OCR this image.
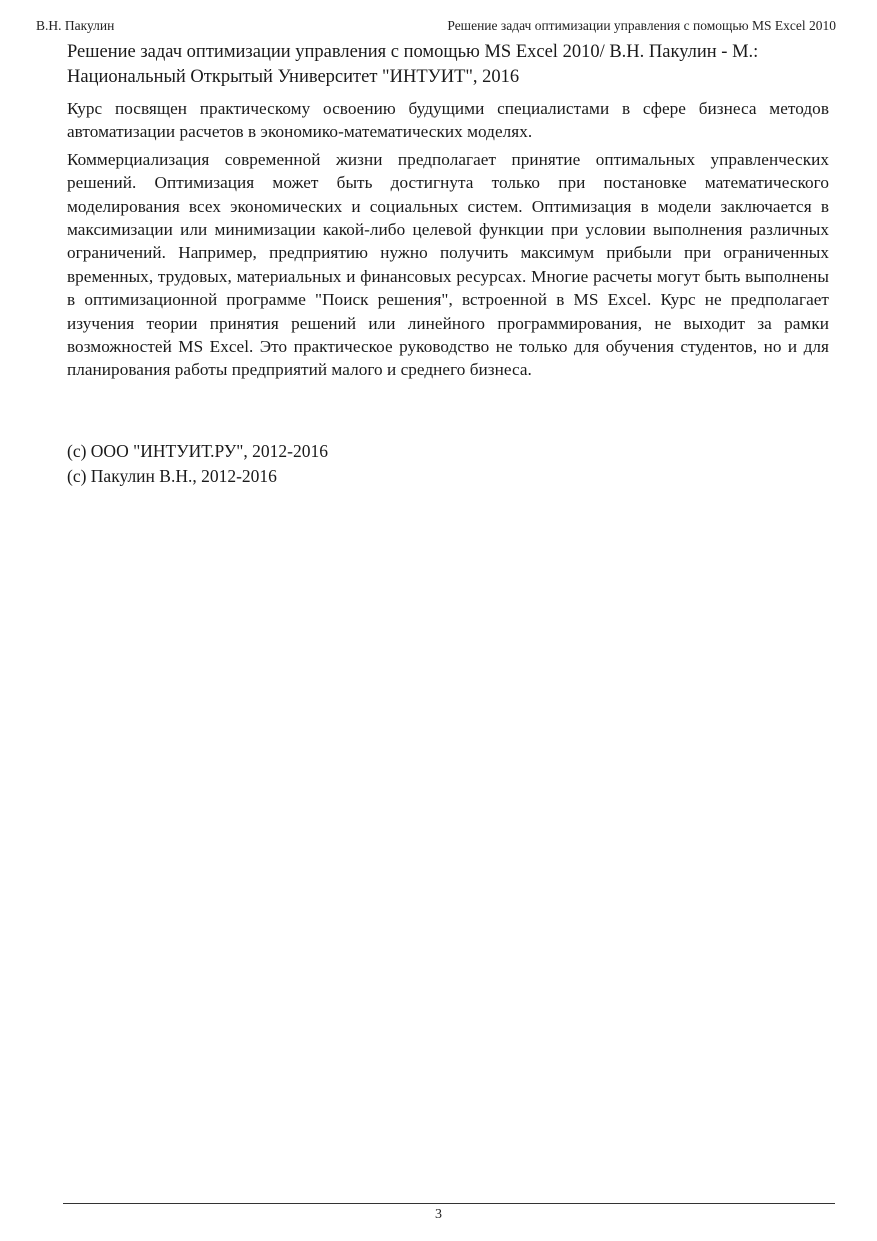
В.Н. Пакулин	Решение задач оптимизации управления с помощью MS Excel 2010
Решение задач оптимизации управления с помощью MS Excel 2010/ В.Н. Пакулин - М.:
Национальный Открытый Университет "ИНТУИТ", 2016

Курс посвящен практическому освоению будущими специалистами в сфере бизнеса методов автоматизации расчетов в экономико-математических моделях.

Коммерциализация современной жизни предполагает принятие оптимальных управленческих решений. Оптимизация может быть достигнута только при постановке математического моделирования всех экономических и социальных систем. Оптимизация в модели заключается в максимизации или минимизации какой-либо целевой функции при условии выполнения различных ограничений. Например, предприятию нужно получить максимум прибыли при ограниченных временных, трудовых, материальных и финансовых ресурсах. Многие расчеты могут быть выполнены в оптимизационной программе "Поиск решения", встроенной в MS Excel. Курс не предполагает изучения теории принятия решений или линейного программирования, не выходит за рамки возможностей MS Excel. Это практическое руководство не только для обучения студентов, но и для планирования работы предприятий малого и среднего бизнеса.

(с) ООО "ИНТУИТ.РУ", 2012-2016
(с) Пакулин В.Н., 2012-2016
3
